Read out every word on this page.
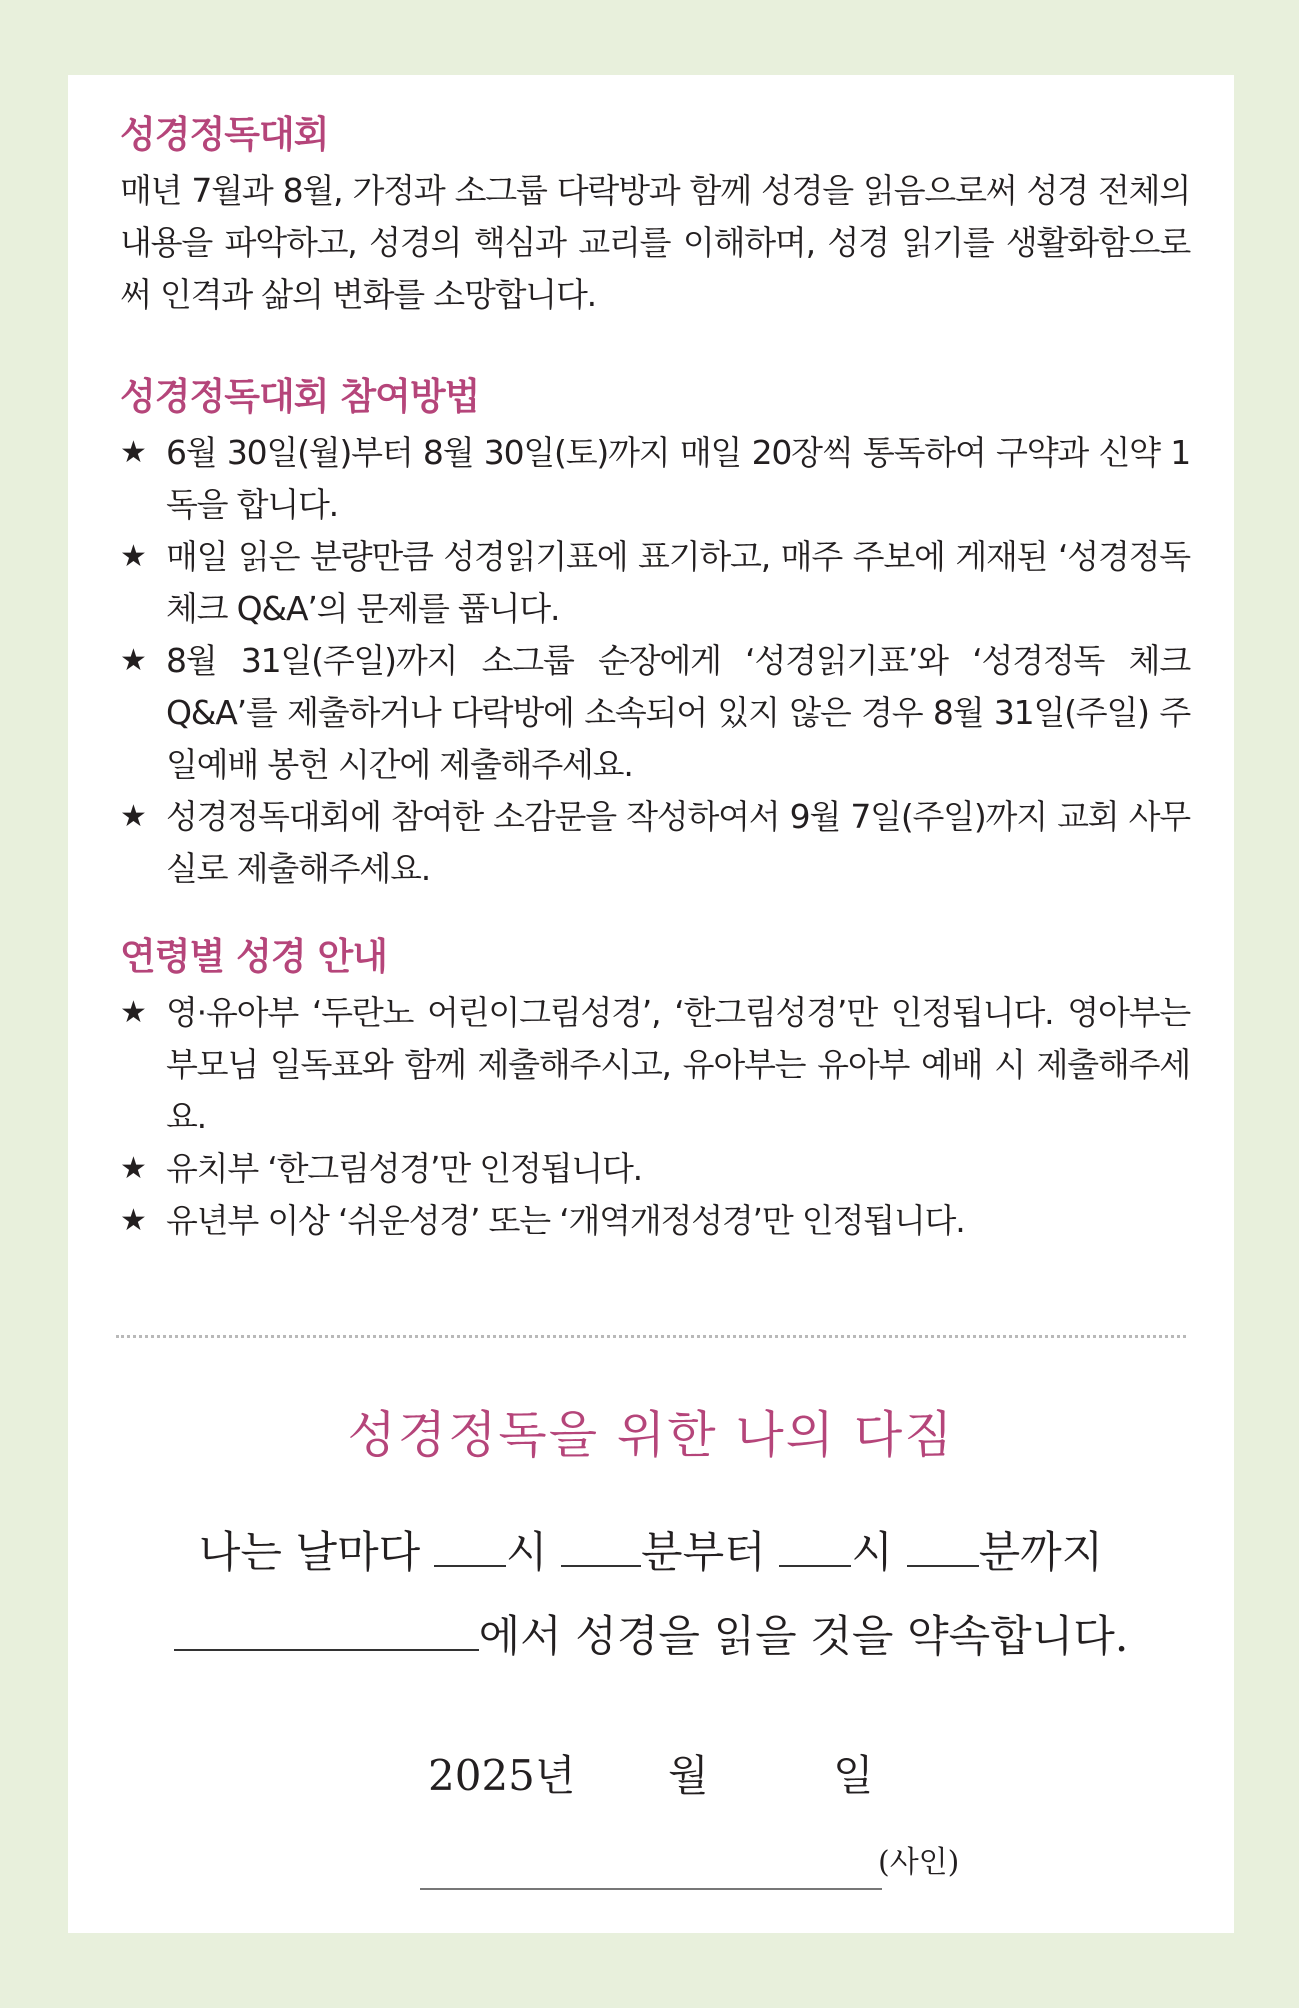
성경정독대회

매년 7월과 8월, 가정과 소그룹 다락방과 함께 성경을 읽음으로써 성경 전체의 내용을 파악하고, 성경의 핵심과 교리를 이해하며, 성경 읽기를 생활화함으로써 인격과 삶의 변화를 소망합니다.

성경정독대회 참여방법
★ 6월 30일(월)부터 8월 30일(토)까지 매일 20장씩 통독하여 구약과 신약 1독을 합니다.
★ 매일 읽은 분량만큼 성경읽기표에 표기하고, 매주 주보에 게재된 ‘성경정독 체크 Q&A’의 문제를 풉니다.
★ 8월 31일(주일)까지 소그룹 순장에게 ‘성경읽기표’와 ‘성경정독 체크 Q&A’를 제출하거나 다락방에 소속되어 있지 않은 경우 8월 31일(주일) 주일예배 봉헌 시간에 제출해주세요.
★ 성경정독대회에 참여한 소감문을 작성하여서 9월 7일(주일)까지 교회 사무실로 제출해주세요.
연령별 성경 안내
★ 영·유아부 ‘두란노 어린이그림성경’, ‘한그림성경’만 인정됩니다. 영아부는 부모님 일독표와 함께 제출해주시고, 유아부는 유아부 예배 시 제출해주세요.
★ 유치부 ‘한그림성경’만 인정됩니다.
★ 유년부 이상 ‘쉬운성경’ 또는 ‘개역개정성경’만 인정됩니다.
성경정독을 위한 나의 다짐
나는 날마다 시 분부터 시 분까지
에서 성경을 읽을 것을 약속합니다.
2025년 월	일
(사인)
